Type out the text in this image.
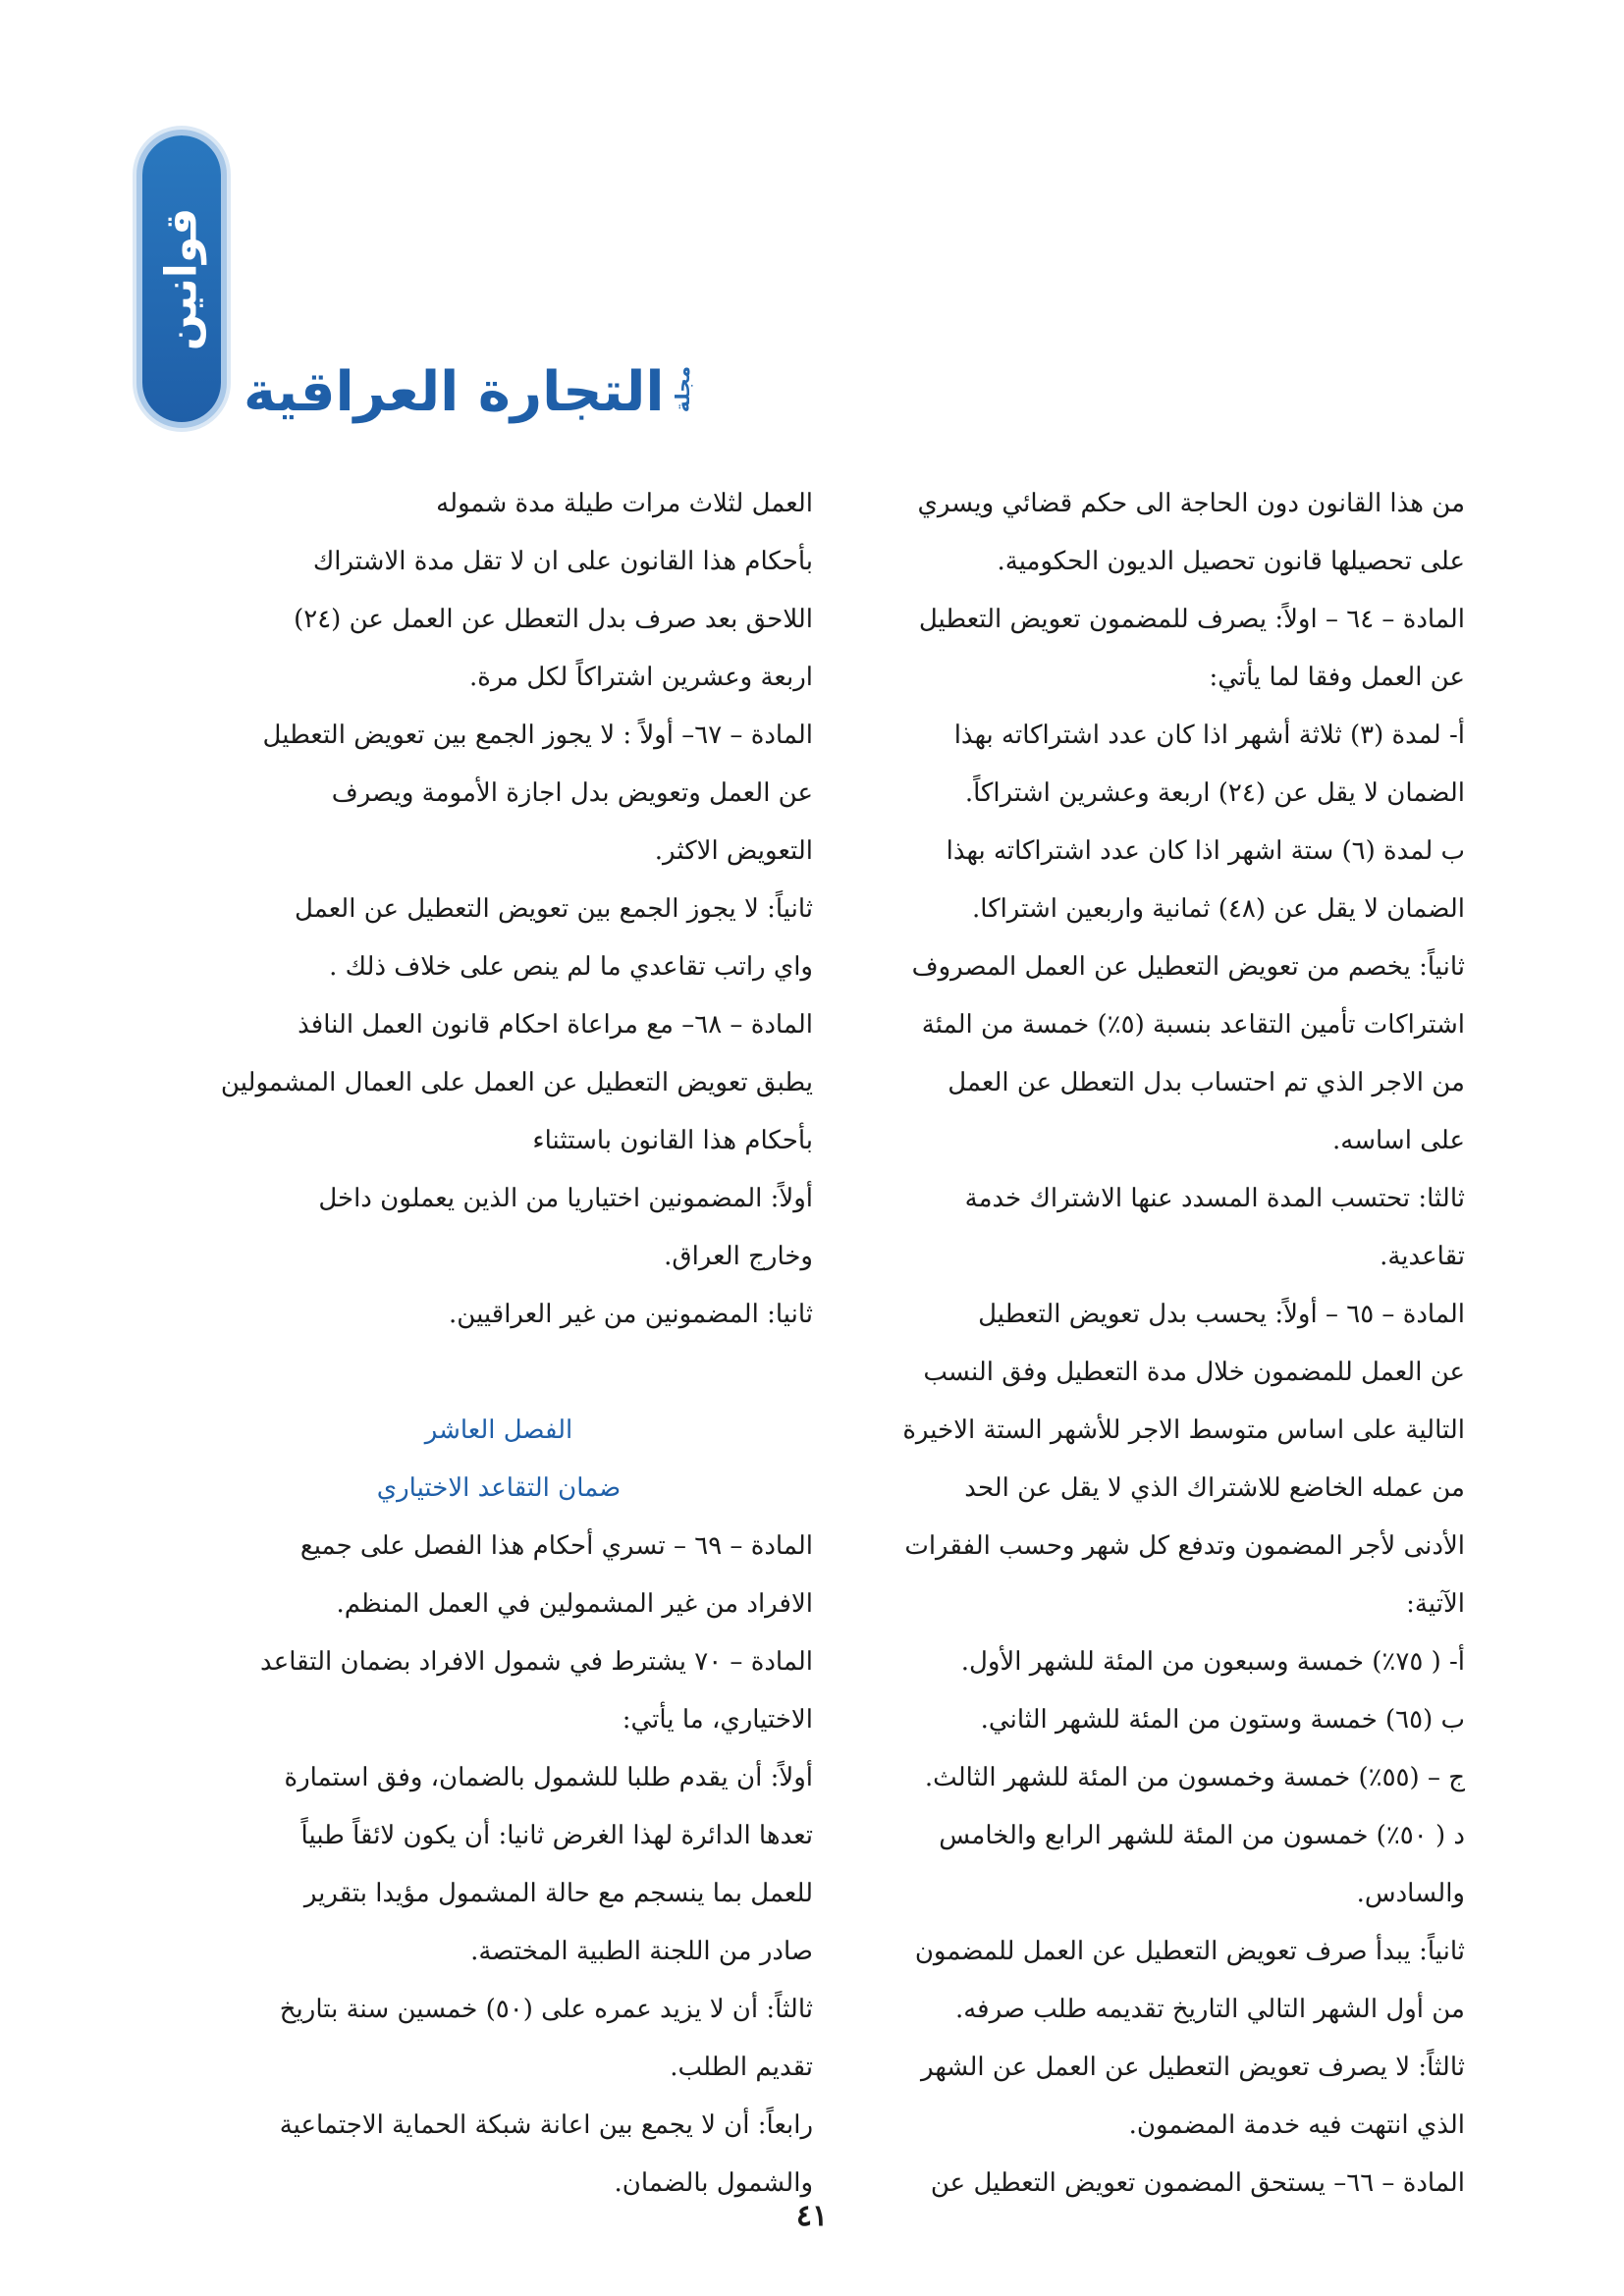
قوانين
مجلة
التجارة العراقية

من هذا القانون دون الحاجة الى حكم قضائي ويسري

على تحصيلها قانون تحصيل الديون الحكومية.

المادة – ٦٤ – اولاً: يصرف للمضمون تعويض التعطيل

عن العمل وفقا لما يأتي:

أ- لمدة (٣) ثلاثة أشهر اذا كان عدد اشتراكاته بهذا

الضمان لا يقل عن (٢٤) اربعة وعشرين اشتراكاً.

ب لمدة (٦) ستة اشهر اذا كان عدد اشتراكاته بهذا

الضمان لا يقل عن (٤٨) ثمانية واربعين اشتراكا.

ثانياً: يخصم من تعويض التعطيل عن العمل المصروف

اشتراكات تأمين التقاعد بنسبة (٥٪) خمسة من المئة

من الاجر الذي تم احتساب بدل التعطل عن العمل

على اساسه.

ثالثا: تحتسب المدة المسدد عنها الاشتراك خدمة

تقاعدية.

المادة – ٦٥ – أولاً: يحسب بدل تعويض التعطيل

عن العمل للمضمون خلال مدة التعطيل وفق النسب

التالية على اساس متوسط الاجر للأشهر الستة الاخيرة

من عمله الخاضع للاشتراك الذي لا يقل عن الحد

الأدنى لأجر المضمون وتدفع كل شهر وحسب الفقرات

الآتية:

أ- ( ٧٥٪) خمسة وسبعون من المئة للشهر الأول.

ب (٦٥) خمسة وستون من المئة للشهر الثاني.

ج – (٥٥٪) خمسة وخمسون من المئة للشهر الثالث.

د ( ٥٠٪) خمسون من المئة للشهر الرابع والخامس

والسادس.

ثانياً: يبدأ صرف تعويض التعطيل عن العمل للمضمون

من أول الشهر التالي التاريخ تقديمه طلب صرفه.

ثالثاً: لا يصرف تعويض التعطيل عن العمل عن الشهر

الذي انتهت فيه خدمة المضمون.

المادة – ٦٦– يستحق المضمون تعويض التعطيل عن

العمل لثلاث مرات طيلة مدة شموله

بأحكام هذا القانون على ان لا تقل مدة الاشتراك

اللاحق بعد صرف بدل التعطل عن العمل عن (٢٤)

اربعة وعشرين اشتراكاً لكل مرة.

المادة – ٦٧– أولاً : لا يجوز الجمع بين تعويض التعطيل

عن العمل وتعويض بدل اجازة الأمومة ويصرف

التعويض الاكثر.

ثانياً: لا يجوز الجمع بين تعويض التعطيل عن العمل

واي راتب تقاعدي ما لم ينص على خلاف ذلك .

المادة – ٦٨– مع مراعاة احكام قانون العمل النافذ

يطبق تعويض التعطيل عن العمل على العمال المشمولين

بأحكام هذا القانون باستثناء

أولاً: المضمونين اختياريا من الذين يعملون داخل

وخارج العراق.

ثانيا: المضمونين من غير العراقيين.

الفصل العاشر

ضمان التقاعد الاختياري

المادة – ٦٩ – تسري أحكام هذا الفصل على جميع

الافراد من غير المشمولين في العمل المنظم.

المادة – ٧٠ يشترط في شمول الافراد بضمان التقاعد

الاختياري، ما يأتي:

أولاً: أن يقدم طلبا للشمول بالضمان، وفق استمارة

تعدها الدائرة لهذا الغرض ثانيا: أن يكون لائقاً طبياً

للعمل بما ينسجم مع حالة المشمول مؤيدا بتقرير

صادر من اللجنة الطبية المختصة.

ثالثاً: أن لا يزيد عمره على (٥٠) خمسين سنة بتاريخ

تقديم الطلب.

رابعاً: أن لا يجمع بين اعانة شبكة الحماية الاجتماعية

والشمول بالضمان.

٤١
